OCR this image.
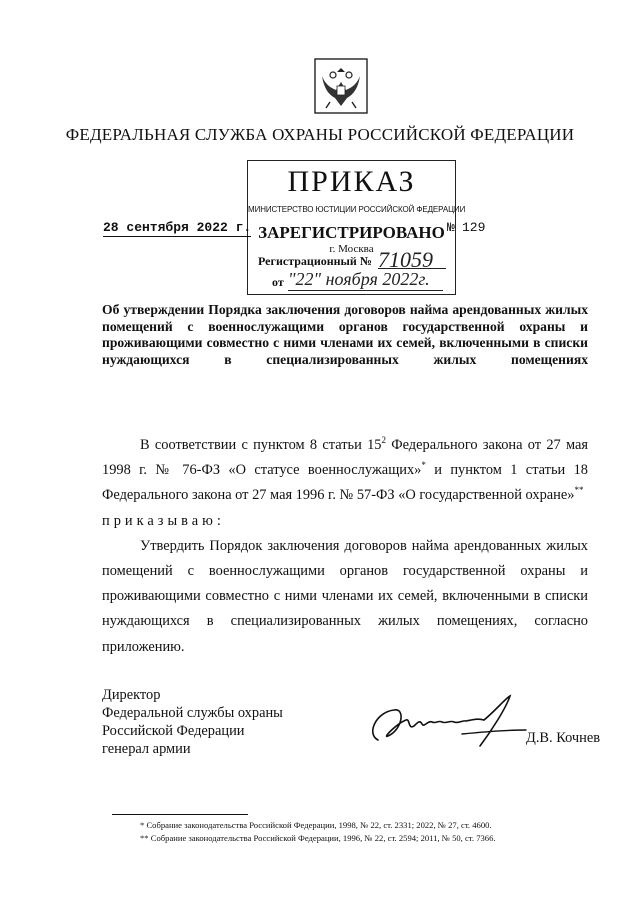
ФЕДЕРАЛЬНАЯ СЛУЖБА ОХРАНЫ РОССИЙСКОЙ ФЕДЕРАЦИИ
ПРИКАЗ
МИНИСТЕРСТВО ЮСТИЦИИ РОССИЙСКОЙ ФЕДЕРАЦИИ
ЗАРЕГИСТРИРОВАНО
г. Москва
Регистрационный № 71059
от "22" ноября 2022г.
28 сентября 2022 г.	№ 129
Об утверждении Порядка заключения договоров найма арендованных жилых помещений с военнослужащими органов государственной охраны и проживающими совместно с ними членами их семей, включенными в списки нуждающихся в специализированных жилых помещениях

В соответствии с пунктом 8 статьи $15^2$ Федерального закона от 27 мая 1998 г. № 76-ФЗ «О статусе военнослужащих»* и пунктом 1 статьи 18 Федерального закона от 27 мая 1996 г. № 57-ФЗ «О государственной охране»**

приказываю:

Утвердить Порядок заключения договоров найма арендованных жилых помещений с военнослужащими органов государственной охраны и проживающими совместно с ними членами их семей, включенными в списки нуждающихся в специализированных жилых помещениях, согласно приложению.

Директор
Федеральной службы охраны
Российской Федерации
генерал армии
Д.В. Кочнев
* Собрание законодательства Российской Федерации, 1998, № 22, ст. 2331; 2022, № 27, ст. 4600.
** Собрание законодательства Российской Федерации, 1996, № 22, ст. 2594; 2011, № 50, ст. 7366.
